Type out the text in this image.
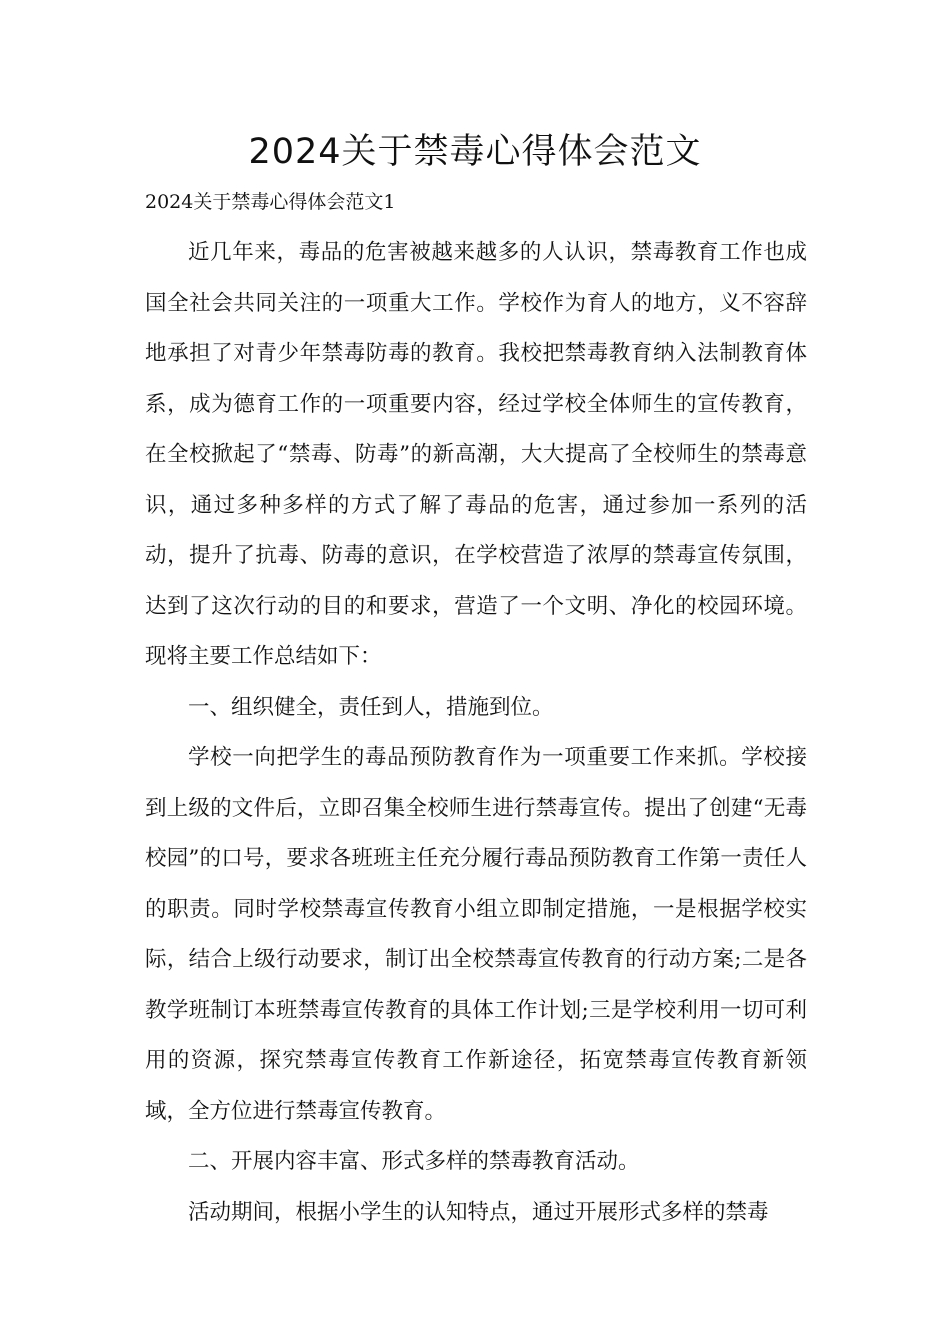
2024关于禁毒心得体会范文

2024关于禁毒心得体会范文1

近几年来，毒品的危害被越来越多的人认识，禁毒教育工作也成国全社会共同关注的一项重大工作。学校作为育人的地方，义不容辞地承担了对青少年禁毒防毒的教育。我校把禁毒教育纳入法制教育体系，成为德育工作的一项重要内容，经过学校全体师生的宣传教育，在全校掀起了“禁毒、防毒”的新高潮，大大提高了全校师生的禁毒意识，通过多种多样的方式了解了毒品的危害，通过参加一系列的活动，提升了抗毒、防毒的意识，在学校营造了浓厚的禁毒宣传氛围，达到了这次行动的目的和要求，营造了一个文明、净化的校园环境。现将主要工作总结如下：

一、组织健全，责任到人，措施到位。

学校一向把学生的毒品预防教育作为一项重要工作来抓。学校接到上级的文件后，立即召集全校师生进行禁毒宣传。提出了创建“无毒校园”的口号，要求各班班主任充分履行毒品预防教育工作第一责任人的职责。同时学校禁毒宣传教育小组立即制定措施，一是根据学校实际，结合上级行动要求，制订出全校禁毒宣传教育的行动方案;二是各教学班制订本班禁毒宣传教育的具体工作计划;三是学校利用一切可利用的资源，探究禁毒宣传教育工作新途径，拓宽禁毒宣传教育新领域，全方位进行禁毒宣传教育。

二、开展内容丰富、形式多样的禁毒教育活动。

活动期间，根据小学生的认知特点，通过开展形式多样的禁毒
